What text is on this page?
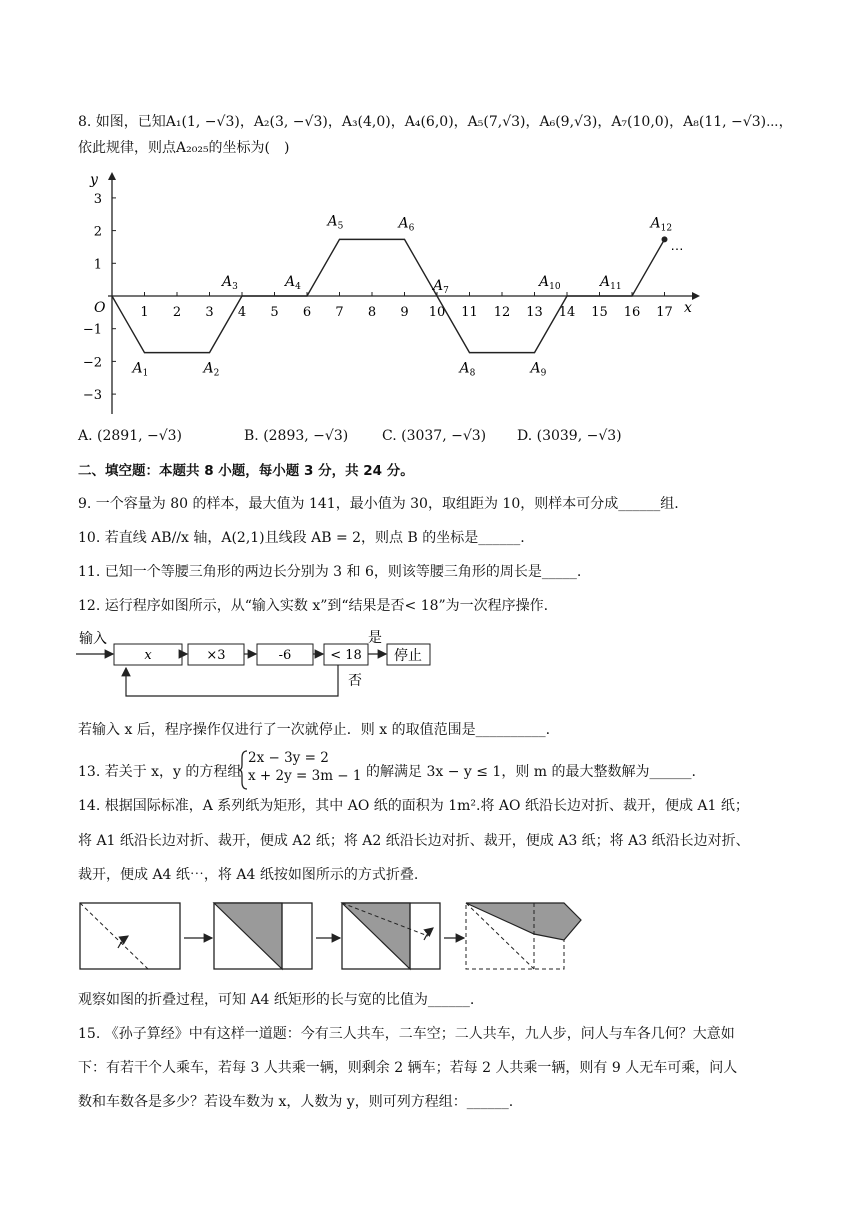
8. 如图，已知A₁(1, −√3)，A₂(3, −√3)，A₃(4,0)，A₄(6,0)，A₅(7,√3)，A₆(9,√3)，A₇(10,0)，A₈(11, −√3)⋯，
依此规律，则点A₂₀₂₅的坐标为(　)
x
y
O	1 2 3 4 5 6 7 8 9 10 11 12 13 14 15 16 17
3
2
1
−1
−2
−3
$A_1$	$A_2$
$A_3$	$A_4$
$A_5$	$A_6$
$A_7$
$A_8$	$A_9$
$A_{10}$	$A_{11}$
$A_{12}$
⋯
A. (2891, −√3)	B. (2893, −√3) C. (3037, −√3) D. (3039, −√3)
二、填空题：本题共 8 小题，每小题 3 分，共 24 分。
9. 一个容量为 80 的样本，最大值为 141，最小值为 30，取组距为 10，则样本可分成______组.
10. 若直线 AB//x 轴，A(2,1)且线段 AB = 2，则点 B 的坐标是______.
11. 已知一个等腰三角形的两边长分别为 3 和 6，则该等腰三角形的周长是_____.
12. 运行程序如图所示，从“输入实数 x”到“结果是否< 18”为一次程序操作.
输入
x	×3	-6	< 18
是
停止
否
若输入 x 后，程序操作仅进行了一次就停止．则 x 的取值范围是__________.
13. 若关于 x，y 的方程组
2x − 3y = 2
x + 2y = 3m − 1 的解满足 3x − y ≤ 1，则 m 的最大整数解为______.
14. 根据国际标准，A 系列纸为矩形，其中 AO 纸的面积为 1m².将 AO 纸沿长边对折、裁开，便成 A1 纸；
将 A1 纸沿长边对折、裁开，便成 A2 纸；将 A2 纸沿长边对折、裁开，便成 A3 纸；将 A3 纸沿长边对折、
裁开，便成 A4 纸⋯，将 A4 纸按如图所示的方式折叠.
观察如图的折叠过程，可知 A4 纸矩形的长与宽的比值为______.
15. 《孙子算经》中有这样一道题：今有三人共车，二车空；二人共车，九人步，问人与车各几何？大意如
下：有若干个人乘车，若每 3 人共乘一辆，则剩余 2 辆车；若每 2 人共乘一辆，则有 9 人无车可乘，问人
数和车数各是多少？若设车数为 x，人数为 y，则可列方程组：______.
